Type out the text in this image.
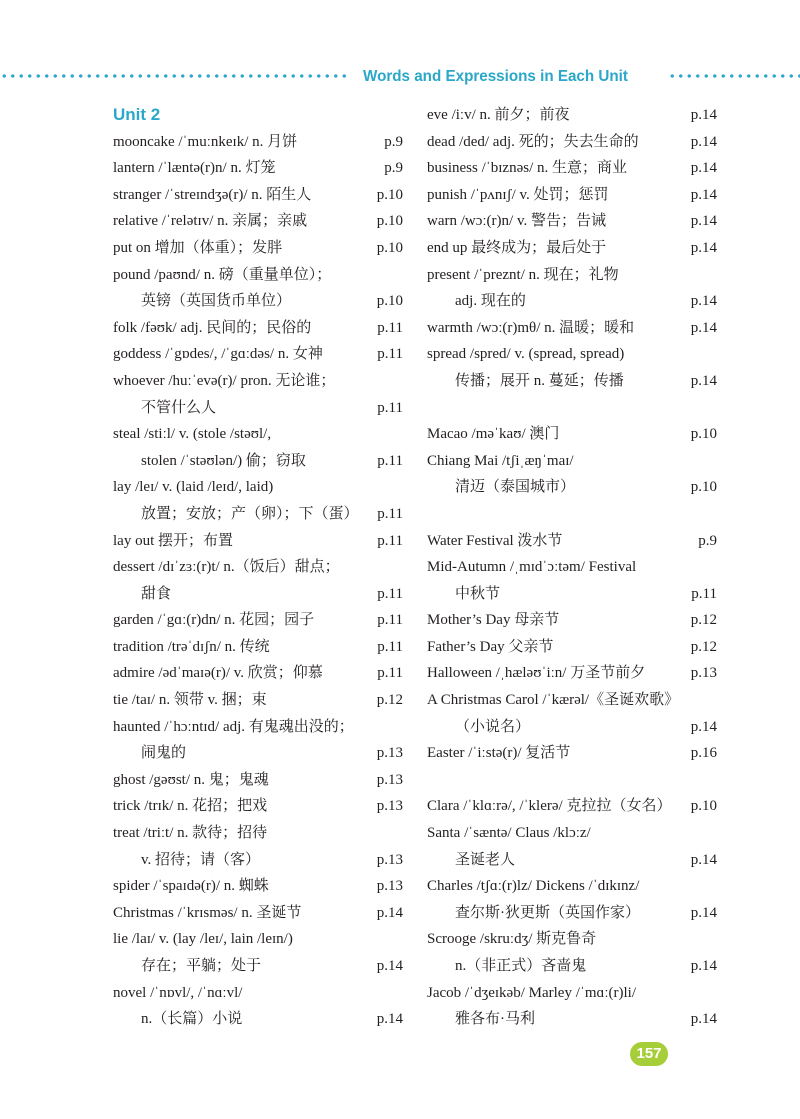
Words and Expressions in Each Unit
Unit 2
mooncake /ˈmuːnkeɪk/ n. 月饼	p.9
lantern /ˈlæntə(r)n/ n. 灯笼	p.9
stranger /ˈstreɪndʒə(r)/ n. 陌生人	p.10
relative /ˈrelətɪv/ n. 亲属；亲戚	p.10
put on 增加（体重）；发胖	p.10
pound /paʊnd/ n. 磅（重量单位）；
英镑（英国货币单位）	p.10
folk /fəʊk/ adj. 民间的；民俗的	p.11
goddess /ˈgɒdes/, /ˈgɑːdəs/ n. 女神	p.11
whoever /huːˈevə(r)/ pron. 无论谁；
不管什么人	p.11
steal /stiːl/ v. (stole /stəʊl/,
stolen /ˈstəʊlən/) 偷；窃取	p.11
lay /leɪ/ v. (laid /leɪd/, laid)
放置；安放；产（卵）；下（蛋） p.11
lay out 摆开；布置	p.11
dessert /dɪˈzɜː(r)t/ n.（饭后）甜点；
甜食	p.11
garden /ˈgɑː(r)dn/ n. 花园；园子	p.11
tradition /trəˈdɪʃn/ n. 传统	p.11
admire /ədˈmaɪə(r)/ v. 欣赏；仰慕	p.11
tie /taɪ/ n. 领带 v. 捆；束	p.12
haunted /ˈhɔːntɪd/ adj. 有鬼魂出没的；
闹鬼的	p.13
ghost /gəʊst/ n. 鬼；鬼魂	p.13
trick /trɪk/ n. 花招；把戏	p.13
treat /triːt/ n. 款待；招待
v. 招待；请（客）	p.13
spider /ˈspaɪdə(r)/ n. 蜘蛛	p.13
Christmas /ˈkrɪsməs/ n. 圣诞节	p.14
lie /laɪ/ v. (lay /leɪ/, lain /leɪn/)
存在；平躺；处于	p.14
novel /ˈnɒvl/, /ˈnɑːvl/
n.（长篇）小说	p.14
eve /iːv/ n. 前夕；前夜	p.14
dead /ded/ adj. 死的；失去生命的	p.14
business /ˈbɪznəs/ n. 生意；商业	p.14
punish /ˈpʌnɪʃ/ v. 处罚；惩罚	p.14
warn /wɔː(r)n/ v. 警告；告诫	p.14
end up 最终成为；最后处于	p.14
present /ˈpreznt/ n. 现在；礼物
adj. 现在的	p.14
warmth /wɔː(r)mθ/ n. 温暖；暖和	p.14
spread /spred/ v. (spread, spread)
传播；展开 n. 蔓延；传播	p.14
Macao /məˈkaʊ/ 澳门	p.10
Chiang Mai /tʃiˌæŋˈmaɪ/
清迈（泰国城市）	p.10
Water Festival 泼水节	p.9
Mid-Autumn /ˌmɪdˈɔːtəm/ Festival
中秋节	p.11
Mother’s Day 母亲节	p.12
Father’s Day 父亲节	p.12
Halloween /ˌhæləʊˈiːn/ 万圣节前夕	p.13
A Christmas Carol /ˈkærəl/《圣诞欢歌》
（小说名）	p.14
Easter /ˈiːstə(r)/ 复活节	p.16
Clara /ˈklɑːrə/, /ˈklerə/ 克拉拉（女名） p.10
Santa /ˈsæntə/ Claus /klɔːz/
圣诞老人	p.14
Charles /tʃɑː(r)lz/ Dickens /ˈdɪkɪnz/
查尔斯·狄更斯（英国作家）	p.14
Scrooge /skruːdʒ/ 斯克鲁奇
n.（非正式）吝啬鬼	p.14
Jacob /ˈdʒeɪkəb/ Marley /ˈmɑː(r)li/
雅各布·马利	p.14
157
